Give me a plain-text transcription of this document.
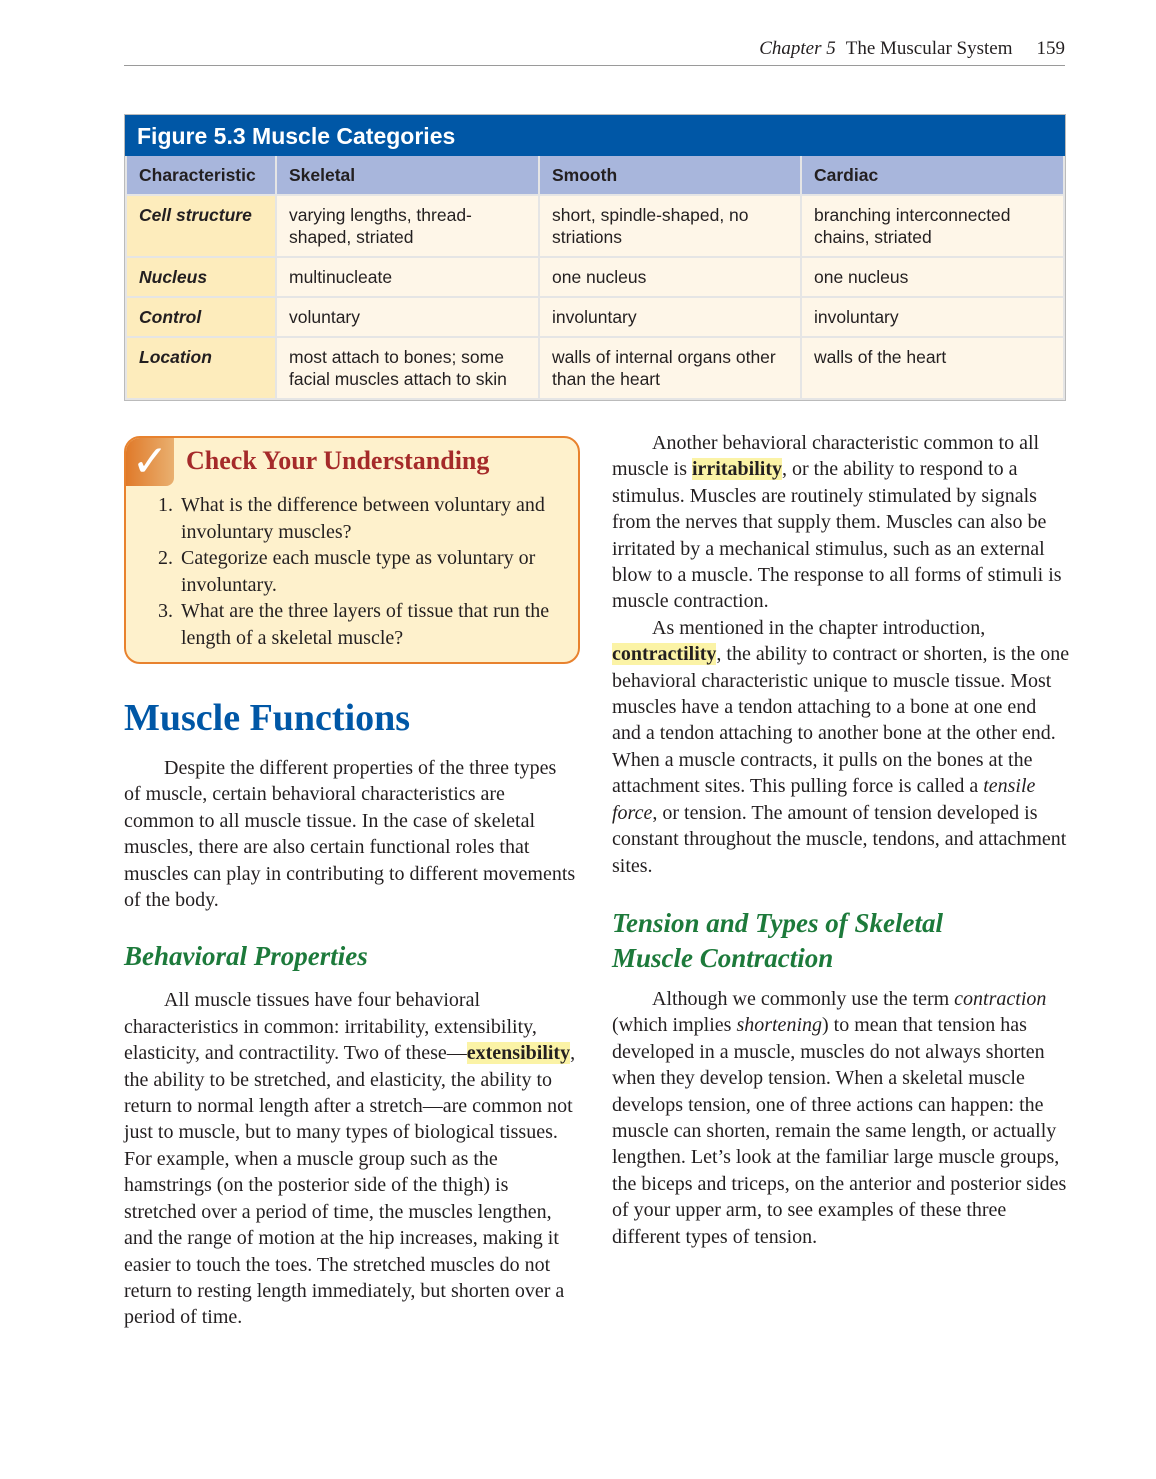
Chapter 5 The Muscular System 159
Figure 5.3 Muscle Categories
Characteristic	Skeletal	Smooth	Cardiac
Cell structure	varying lengths, thread-shaped, striated	short, spindle-shaped, no striations	branching interconnected chains, striated
Nucleus	multinucleate	one nucleus	one nucleus
Control	voluntary	involuntary	involuntary
Location	most attach to bones; some facial muscles attach to skin	walls of internal organs other than the heart	walls of the heart
✓ Check Your Understanding
1. What is the difference between voluntary and involuntary muscles?
2. Categorize each muscle type as voluntary or involuntary.
3. What are the three layers of tissue that run the length of a skeletal muscle?
Muscle Functions

Despite the different properties of the three types of muscle, certain behavioral characteristics are common to all muscle tissue. In the case of skeletal muscles, there are also certain functional roles that muscles can play in contributing to different movements of the body.

Behavioral Properties

All muscle tissues have four behavioral characteristics in common: irritability, extensibility, elasticity, and contractility. Two of these—extensibility, the ability to be stretched, and elasticity, the ability to return to normal length after a stretch—are common not just to muscle, but to many types of biological tissues. For example, when a muscle group such as the hamstrings (on the posterior side of the thigh) is stretched over a period of time, the muscles lengthen, and the range of motion at the hip increases, making it easier to touch the toes. The stretched muscles do not return to resting length immediately, but shorten over a period of time.

Another behavioral characteristic common to all muscle is irritability, or the ability to respond to a stimulus. Muscles are routinely stimulated by signals from the nerves that supply them. Muscles can also be irritated by a mechanical stimulus, such as an external blow to a muscle. The response to all forms of stimuli is muscle contraction.

As mentioned in the chapter introduction, contractility, the ability to contract or shorten, is the one behavioral characteristic unique to muscle tissue. Most muscles have a tendon attaching to a bone at one end and a tendon attaching to another bone at the other end. When a muscle contracts, it pulls on the bones at the attachment sites. This pulling force is called a tensile force, or tension. The amount of tension developed is constant throughout the muscle, tendons, and attachment sites.

Tension and Types of Skeletal Muscle Contraction

Although we commonly use the term contraction (which implies shortening) to mean that tension has developed in a muscle, muscles do not always shorten when they develop tension. When a skeletal muscle develops tension, one of three actions can happen: the muscle can shorten, remain the same length, or actually lengthen. Let’s look at the familiar large muscle groups, the biceps and triceps, on the anterior and posterior sides of your upper arm, to see examples of these three different types of tension.
